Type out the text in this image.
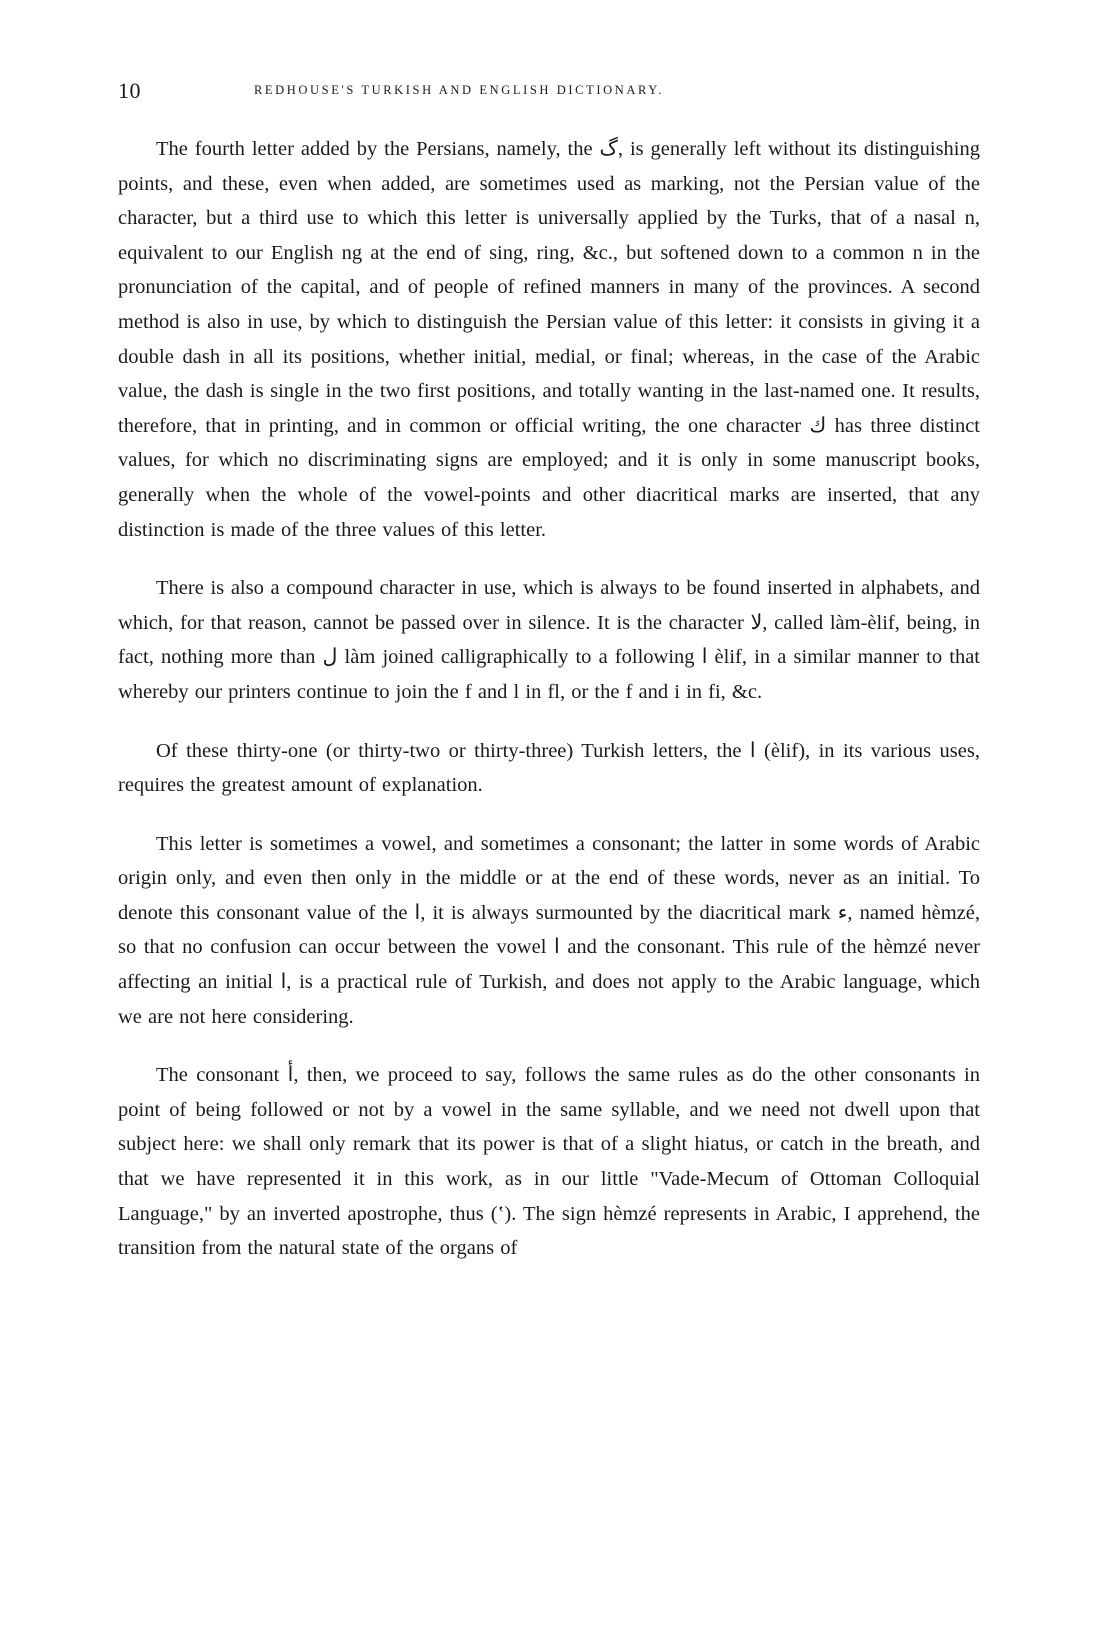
10	REDHOUSE'S TURKISH AND ENGLISH DICTIONARY.

The fourth letter added by the Persians, namely, the گ, is generally left without its distinguishing points, and these, even when added, are sometimes used as marking, not the Persian value of the character, but a third use to which this letter is universally applied by the Turks, that of a nasal n, equivalent to our English ng at the end of sing, ring, &c., but softened down to a common n in the pronunciation of the capital, and of people of refined manners in many of the provinces. A second method is also in use, by which to distinguish the Persian value of this letter: it consists in giving it a double dash in all its positions, whether initial, medial, or final; whereas, in the case of the Arabic value, the dash is single in the two first positions, and totally wanting in the last-named one. It results, therefore, that in printing, and in common or official writing, the one character ك has three distinct values, for which no discriminating signs are employed; and it is only in some manuscript books, generally when the whole of the vowel-points and other diacritical marks are inserted, that any distinction is made of the three values of this letter.

There is also a compound character in use, which is always to be found inserted in alphabets, and which, for that reason, cannot be passed over in silence. It is the character لا, called làm-èlif, being, in fact, nothing more than ل làm joined calligraphically to a following ا èlif, in a similar manner to that whereby our printers continue to join the f and l in fl, or the f and i in fi, &c.

Of these thirty-one (or thirty-two or thirty-three) Turkish letters, the ا (èlif), in its various uses, requires the greatest amount of explanation.

This letter is sometimes a vowel, and sometimes a consonant; the latter in some words of Arabic origin only, and even then only in the middle or at the end of these words, never as an initial. To denote this consonant value of the ا, it is always surmounted by the diacritical mark ء, named hèmzé, so that no confusion can occur between the vowel ا and the consonant. This rule of the hèmzé never affecting an initial ا, is a practical rule of Turkish, and does not apply to the Arabic language, which we are not here considering.

The consonant أ, then, we proceed to say, follows the same rules as do the other consonants in point of being followed or not by a vowel in the same syllable, and we need not dwell upon that subject here: we shall only remark that its power is that of a slight hiatus, or catch in the breath, and that we have represented it in this work, as in our little "Vade-Mecum of Ottoman Colloquial Language," by an inverted apostrophe, thus (ʽ). The sign hèmzé represents in Arabic, I apprehend, the transition from the natural state of the organs of
